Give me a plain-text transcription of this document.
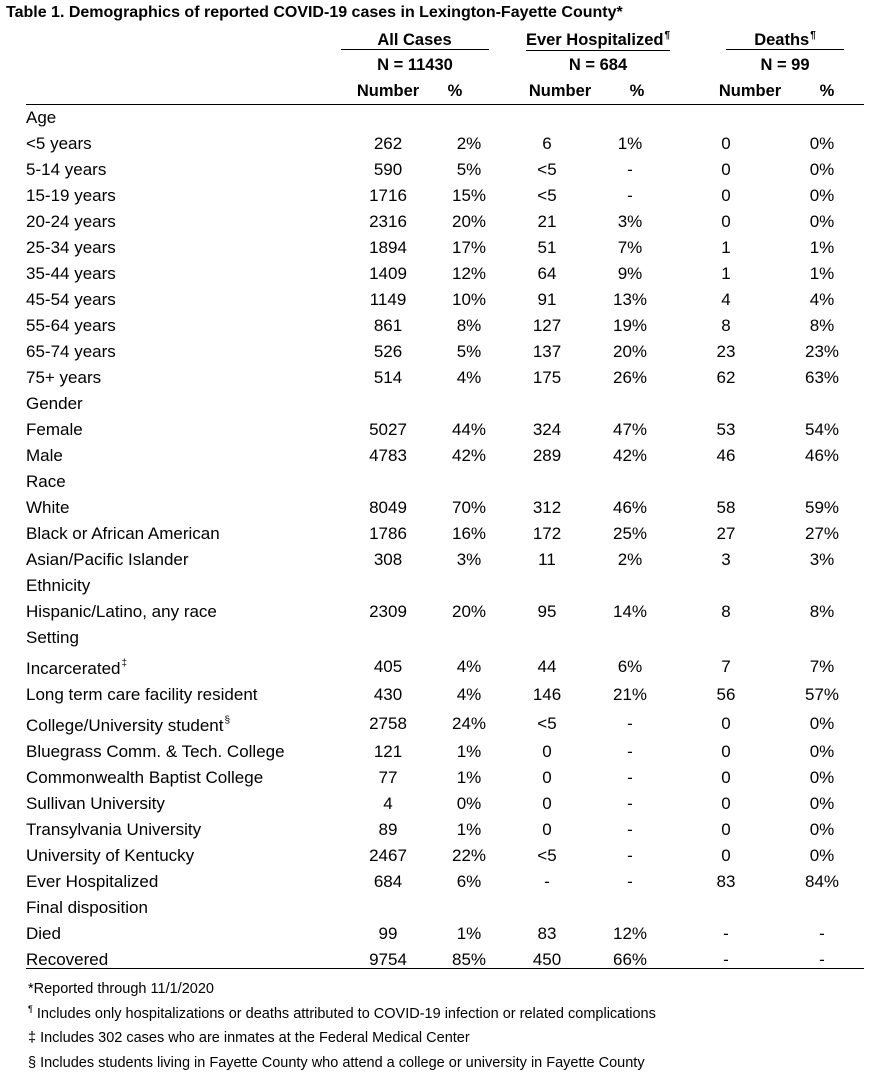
Table 1. Demographics of reported COVID-19 cases in Lexington-Fayette County*
All Cases	Ever Hospitalized¶	Deaths¶
N = 11430	N = 684	N = 99
Number	%	Number	%	Number	%
Age						
<5 years	262	2%	6	1%	0	0%
5-14 years	590	5%	<5	-	0	0%
15-19 years	1716	15%	<5	-	0	0%
20-24 years	2316	20%	21	3%	0	0%
25-34 years	1894	17%	51	7%	1	1%
35-44 years	1409	12%	64	9%	1	1%
45-54 years	1149	10%	91	13%	4	4%
55-64 years	861	8%	127	19%	8	8%
65-74 years	526	5%	137	20%	23	23%
75+ years	514	4%	175	26%	62	63%
Gender						
Female	5027	44%	324	47%	53	54%
Male	4783	42%	289	42%	46	46%
Race						
White	8049	70%	312	46%	58	59%
Black or African American	1786	16%	172	25%	27	27%
Asian/Pacific Islander	308	3%	11	2%	3	3%
Ethnicity						
Hispanic/Latino, any race	2309	20%	95	14%	8	8%
Setting						
Incarcerated‡	405	4%	44	6%	7	7%
Long term care facility resident	430	4%	146	21%	56	57%
College/University student§	2758	24%	<5	-	0	0%
Bluegrass Comm. & Tech. College	121	1%	0	-	0	0%
Commonwealth Baptist College	77	1%	0	-	0	0%
Sullivan University	4	0%	0	-	0	0%
Transylvania University	89	1%	0	-	0	0%
University of Kentucky	2467	22%	<5	-	0	0%
Ever Hospitalized	684	6%	-	-	83	84%
Final disposition						
Died	99	1%	83	12%	-	-
Recovered	9754	85%	450	66%	-	-
*Reported through 11/1/2020
¶ Includes only hospitalizations or deaths attributed to COVID-19 infection or related complications
‡ Includes 302 cases who are inmates at the Federal Medical Center
§ Includes students living in Fayette County who attend a college or university in Fayette County
